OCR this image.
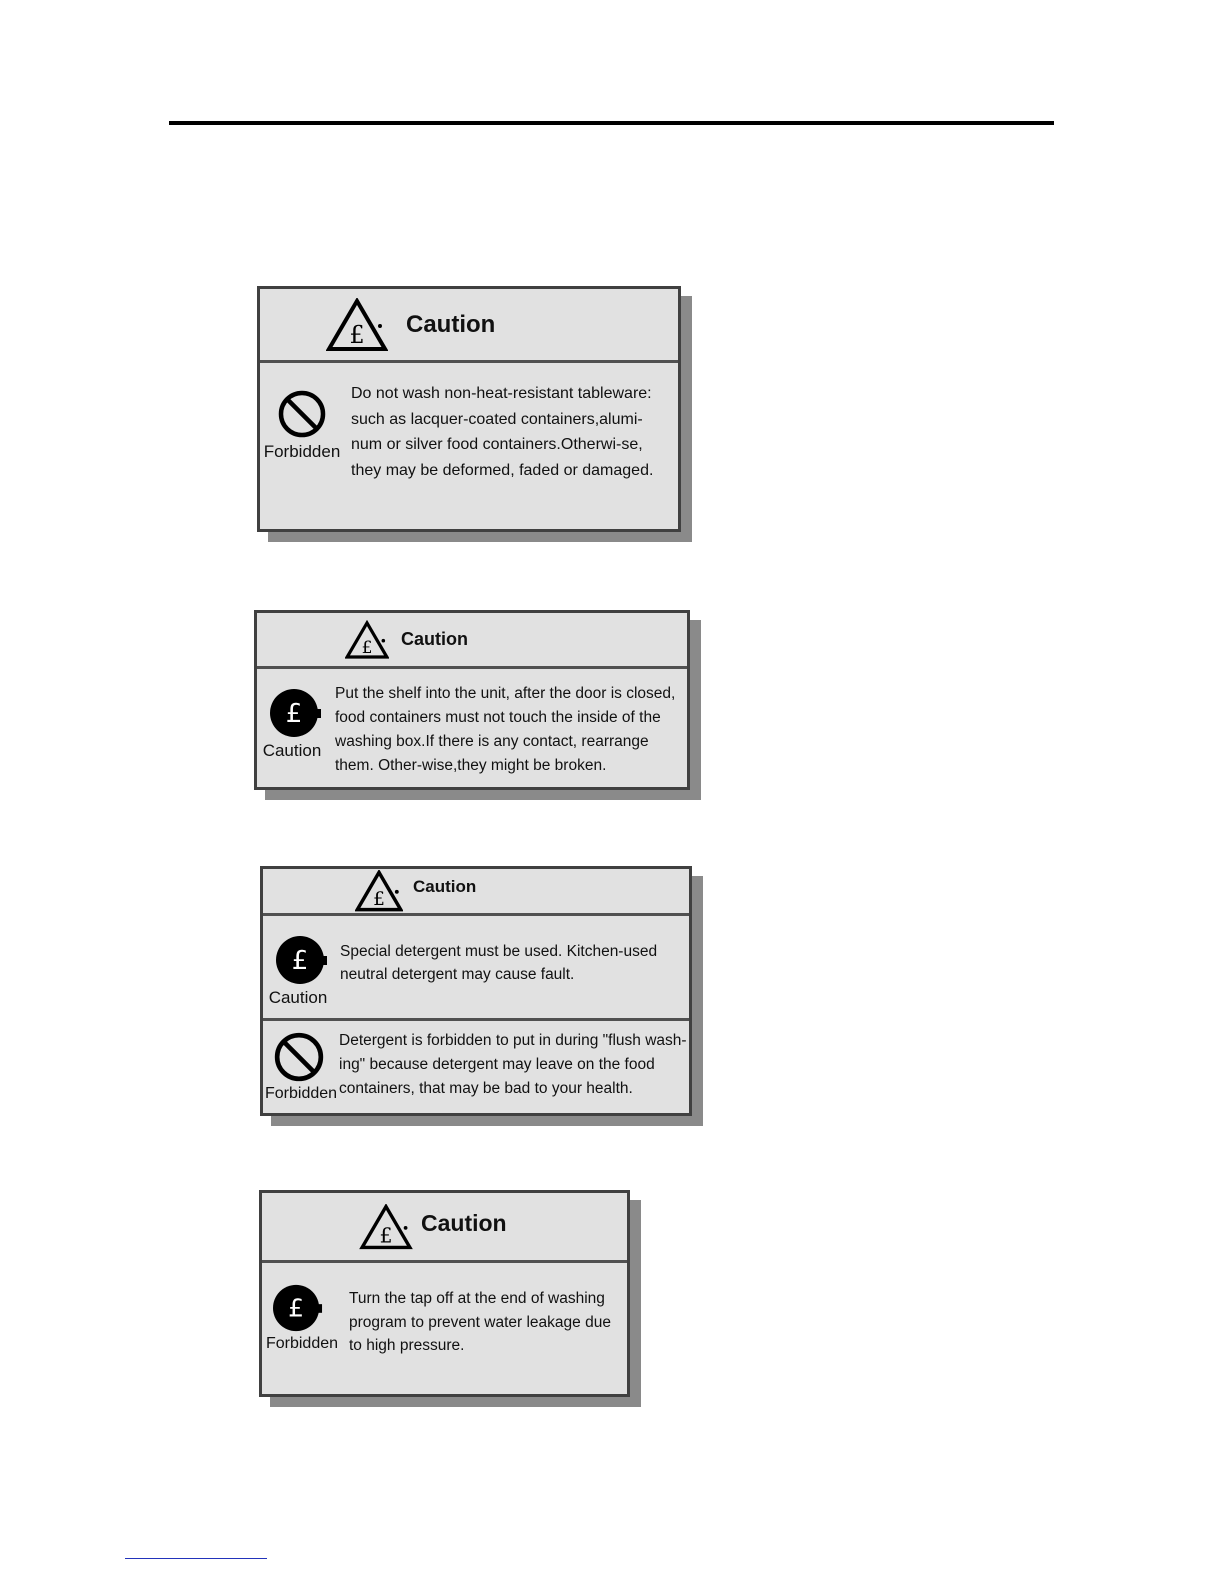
£ Caution
Forbidden

Do not wash non-heat-resistant tableware:

such as lacquer-coated containers,alumi-

num or silver food containers.Otherwi-se,

they may be deformed, faded or damaged.

£ Caution
£
Caution

Put the shelf into the unit, after the door is closed,

food containers must not touch the inside of the

washing box.If there is any contact, rearrange

them. Other-wise,they might be broken.

£
Caution
£
Caution

Special detergent must be used. Kitchen-used

neutral detergent may cause fault.

Forbidden

Detergent is forbidden to put in during "flush wash-

ing" because detergent may leave on the food

containers, that may be bad to your health.

£ Caution
£
Forbidden

Turn the tap off at the end of washing

program to prevent water leakage due

to high pressure.
